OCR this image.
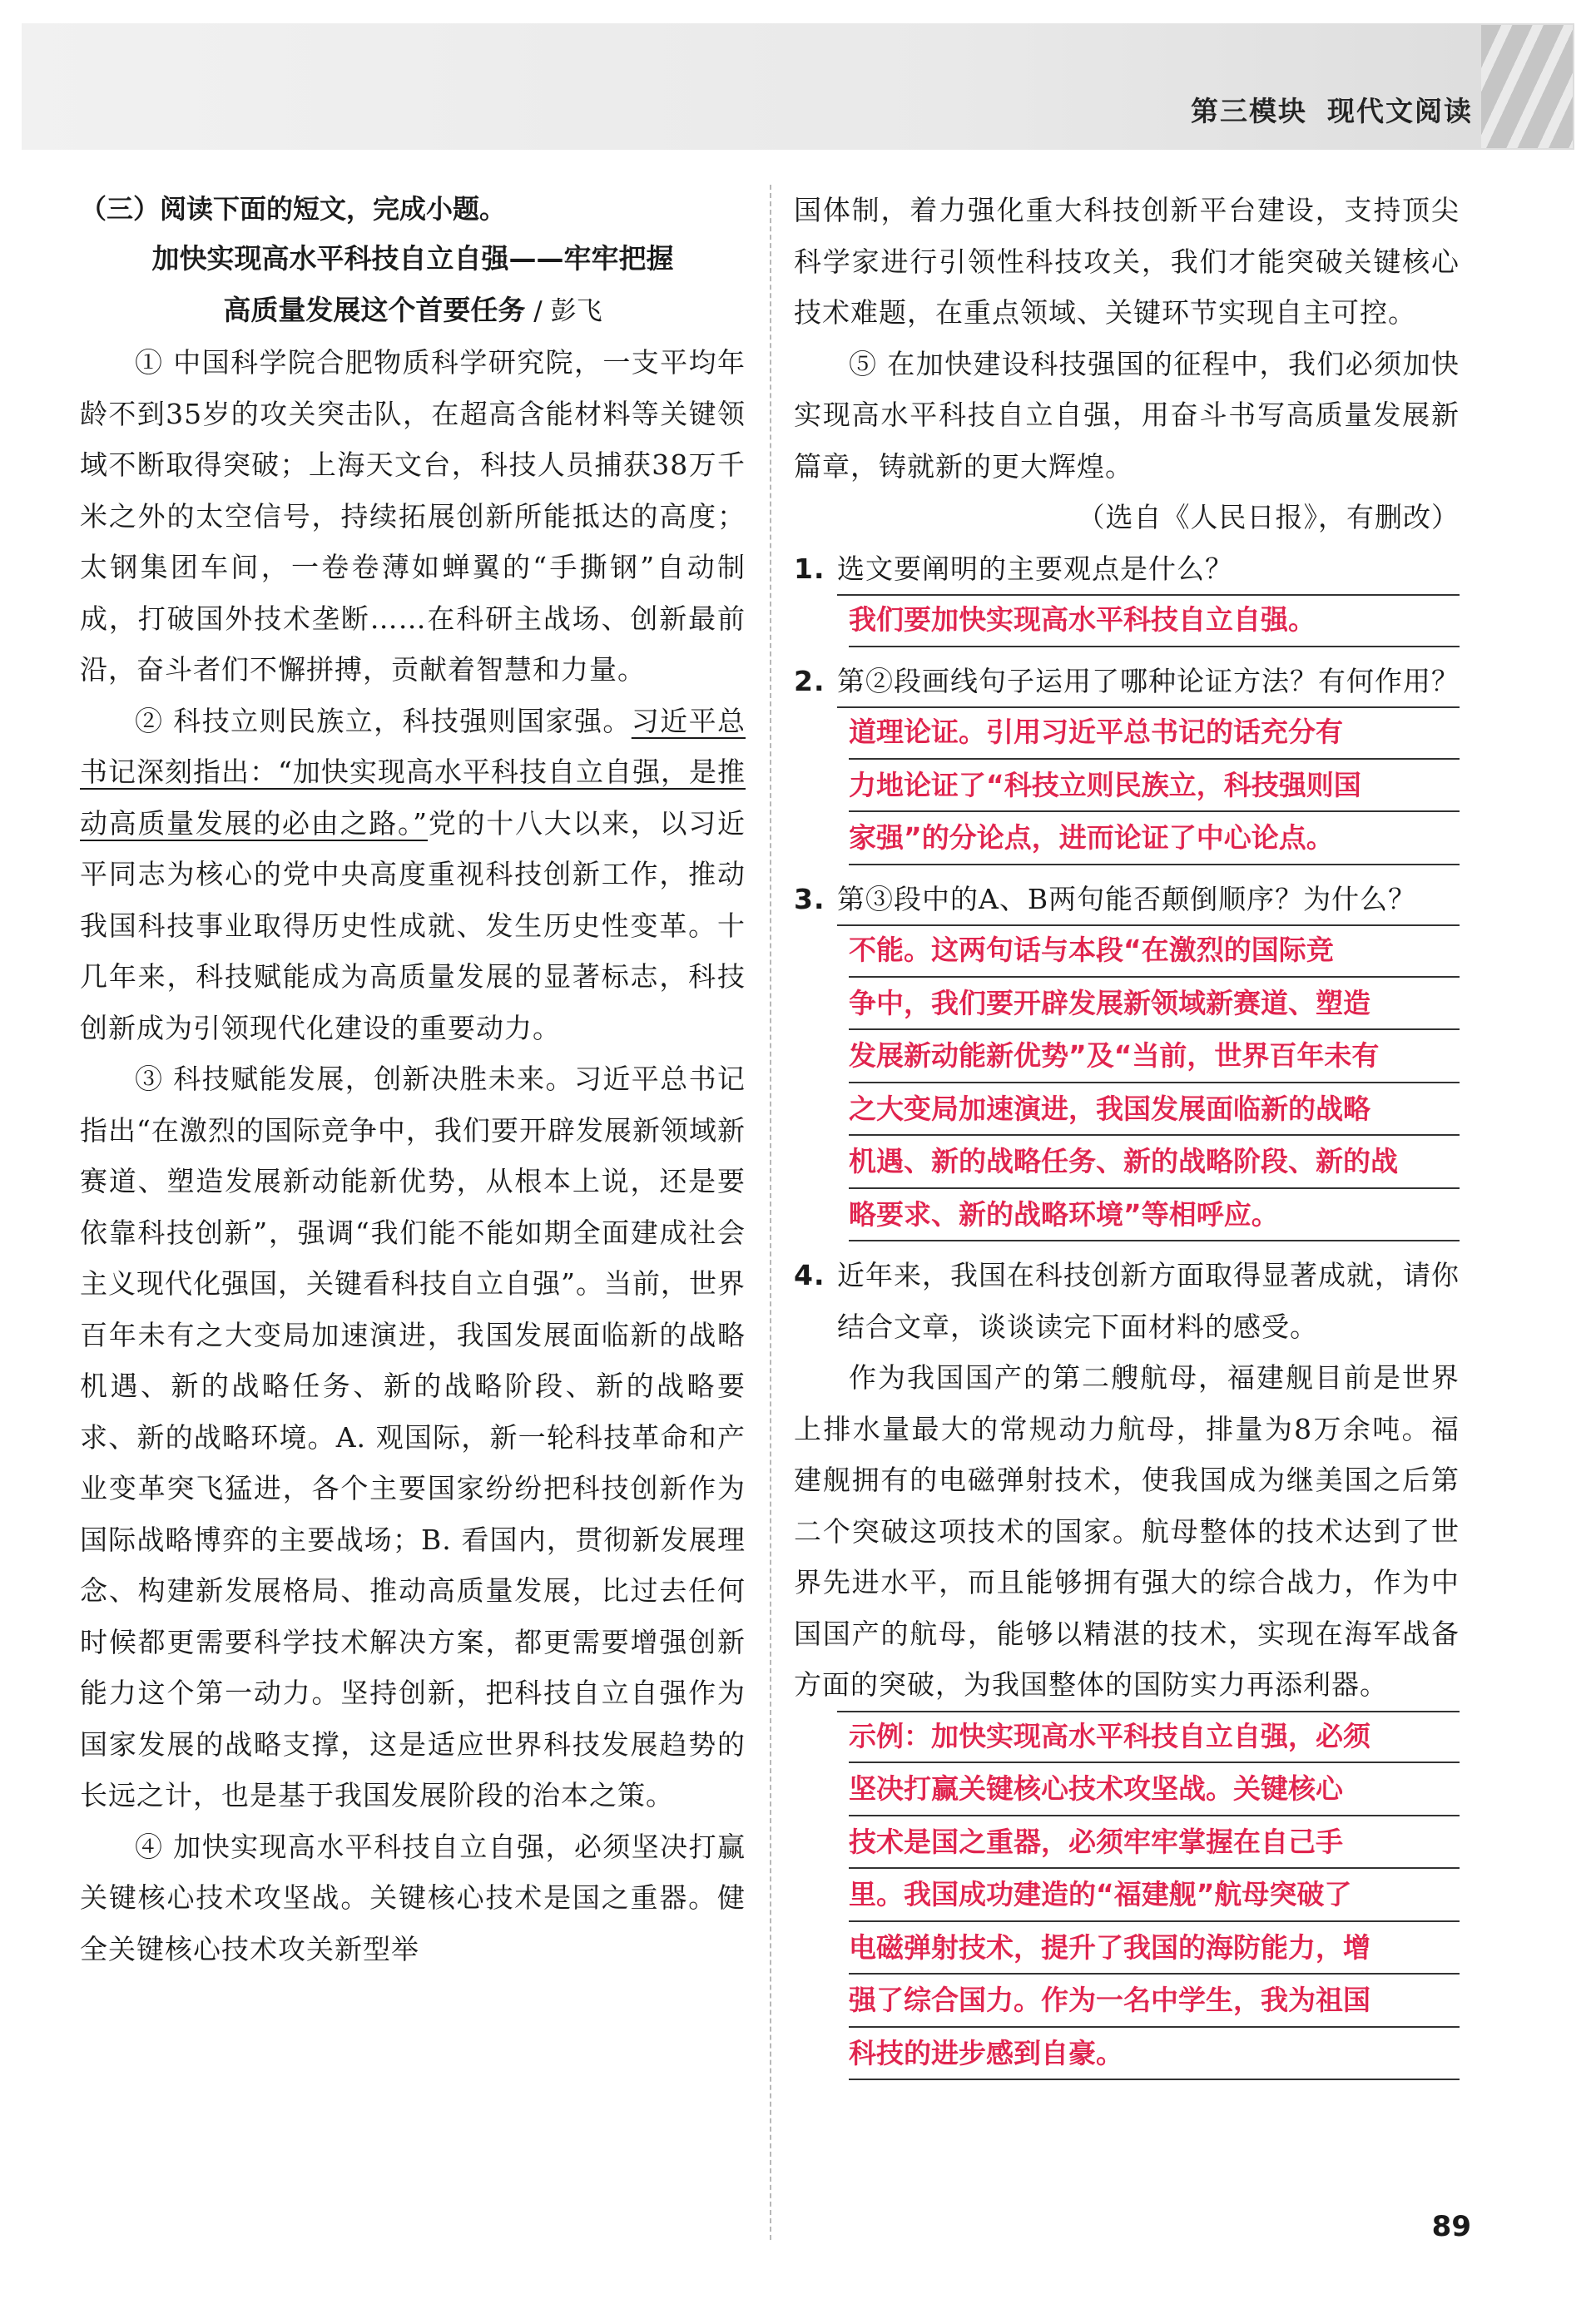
第三模块 现代文阅读
（三）阅读下面的短文，完成小题。
加快实现高水平科技自立自强——牢牢把握
高质量发展这个首要任务 / 彭飞

① 中国科学院合肥物质科学研究院，一支平均年龄不到35岁的攻关突击队，在超高含能材料等关键领域不断取得突破；上海天文台，科技人员捕获38万千米之外的太空信号，持续拓展创新所能抵达的高度；太钢集团车间，一卷卷薄如蝉翼的“手撕钢”自动制成，打破国外技术垄断……在科研主战场、创新最前沿，奋斗者们不懈拼搏，贡献着智慧和力量。

② 科技立则民族立，科技强则国家强。习近平总书记深刻指出：“加快实现高水平科技自立自强，是推动高质量发展的必由之路。”党的十八大以来，以习近平同志为核心的党中央高度重视科技创新工作，推动我国科技事业取得历史性成就、发生历史性变革。十几年来，科技赋能成为高质量发展的显著标志，科技创新成为引领现代化建设的重要动力。

③ 科技赋能发展，创新决胜未来。习近平总书记指出“在激烈的国际竞争中，我们要开辟发展新领域新赛道、塑造发展新动能新优势，从根本上说，还是要依靠科技创新”，强调“我们能不能如期全面建成社会主义现代化强国，关键看科技自立自强”。当前，世界百年未有之大变局加速演进，我国发展面临新的战略机遇、新的战略任务、新的战略阶段、新的战略要求、新的战略环境。A. 观国际，新一轮科技革命和产业变革突飞猛进，各个主要国家纷纷把科技创新作为国际战略博弈的主要战场；B. 看国内，贯彻新发展理念、构建新发展格局、推动高质量发展，比过去任何时候都更需要科学技术解决方案，都更需要增强创新能力这个第一动力。坚持创新，把科技自立自强作为国家发展的战略支撑，这是适应世界科技发展趋势的长远之计，也是基于我国发展阶段的治本之策。

④ 加快实现高水平科技自立自强，必须坚决打赢关键核心技术攻坚战。关键核心技术是国之重器。健全关键核心技术攻关新型举

国体制，着力强化重大科技创新平台建设，支持顶尖科学家进行引领性科技攻关，我们才能突破关键核心技术难题，在重点领域、关键环节实现自主可控。

⑤ 在加快建设科技强国的征程中，我们必须加快实现高水平科技自立自强，用奋斗书写高质量发展新篇章，铸就新的更大辉煌。

（选自《人民日报》，有删改）

1. 选文要阐明的主要观点是什么？
我们要加快实现高水平科技自立自强。
2. 第②段画线句子运用了哪种论证方法？有何作用？
道理论证。引用习近平总书记的话充分有
力地论证了“科技立则民族立，科技强则国
家强”的分论点，进而论证了中心论点。
3. 第③段中的A、B两句能否颠倒顺序？为什么？
不能。这两句话与本段“在激烈的国际竞
争中，我们要开辟发展新领域新赛道、塑造
发展新动能新优势”及“当前，世界百年未有
之大变局加速演进，我国发展面临新的战略
机遇、新的战略任务、新的战略阶段、新的战
略要求、新的战略环境”等相呼应。
4. 近年来，我国在科技创新方面取得显著成就，请你结合文章，谈谈读完下面材料的感受。

作为我国国产的第二艘航母，福建舰目前是世界上排水量最大的常规动力航母，排量为8万余吨。福建舰拥有的电磁弹射技术，使我国成为继美国之后第二个突破这项技术的国家。航母整体的技术达到了世界先进水平，而且能够拥有强大的综合战力，作为中国国产的航母，能够以精湛的技术，实现在海军战备方面的突破，为我国整体的国防实力再添利器。

示例：加快实现高水平科技自立自强，必须
坚决打赢关键核心技术攻坚战。关键核心
技术是国之重器，必须牢牢掌握在自己手
里。我国成功建造的“福建舰”航母突破了
电磁弹射技术，提升了我国的海防能力，增
强了综合国力。作为一名中学生，我为祖国
科技的进步感到自豪。
89
